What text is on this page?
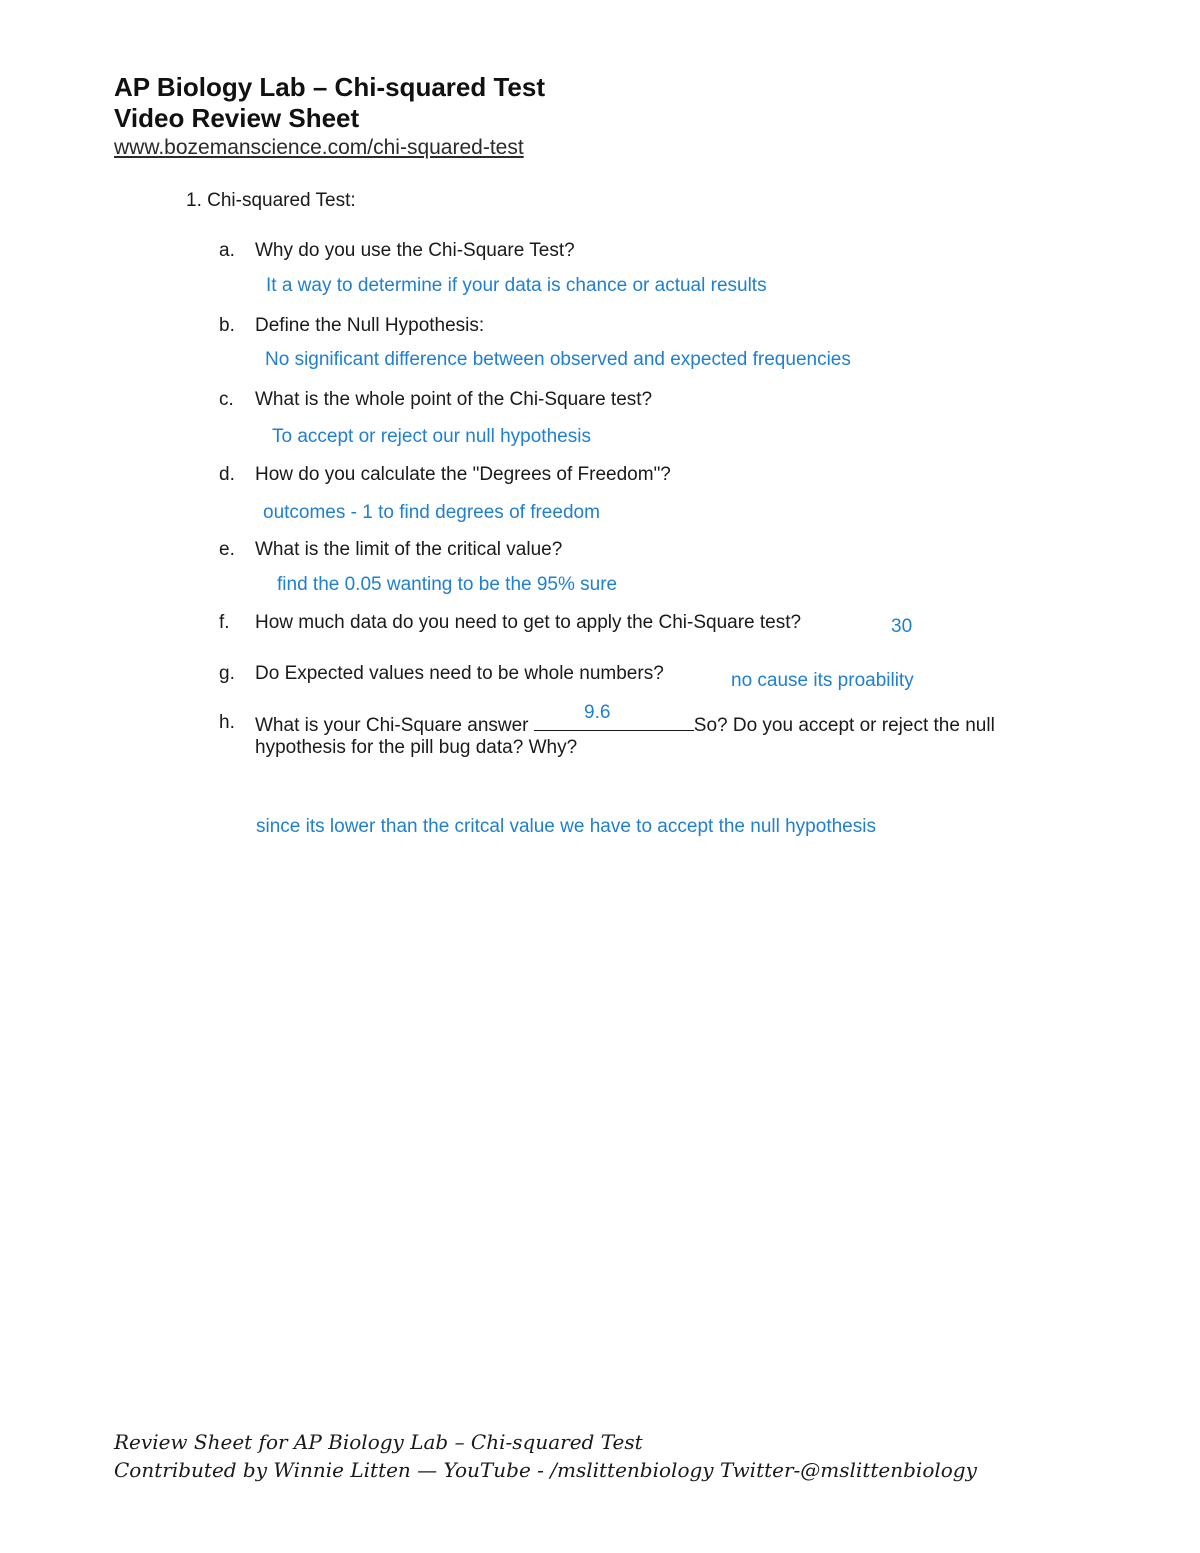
AP Biology Lab – Chi-squared Test
Video Review Sheet
www.bozemanscience.com/chi-squared-test
1. Chi-squared Test:
a. Why do you use the Chi-Square Test?
It a way to determine if your data is chance or actual results
b. Define the Null Hypothesis:
No significant difference between observed and expected frequencies
c. What is the whole point of the Chi-Square test?
To accept or reject our null hypothesis
d. How do you calculate the "Degrees of Freedom"?
outcomes - 1 to find degrees of freedom
e. What is the limit of the critical value?
find the 0.05 wanting to be the 95% sure
f. How much data do you need to get to apply the Chi-Square test?	30
g. Do Expected values need to be whole numbers?	no cause its proability
h. What is your Chi-Square answer	So? Do you accept or reject the null
9.6
hypothesis for the pill bug data? Why?
since its lower than the critcal value we have to accept the null hypothesis
Review Sheet for AP Biology Lab – Chi-squared Test
Contributed by Winnie Litten — YouTube - /mslittenbiology Twitter-@mslittenbiology
